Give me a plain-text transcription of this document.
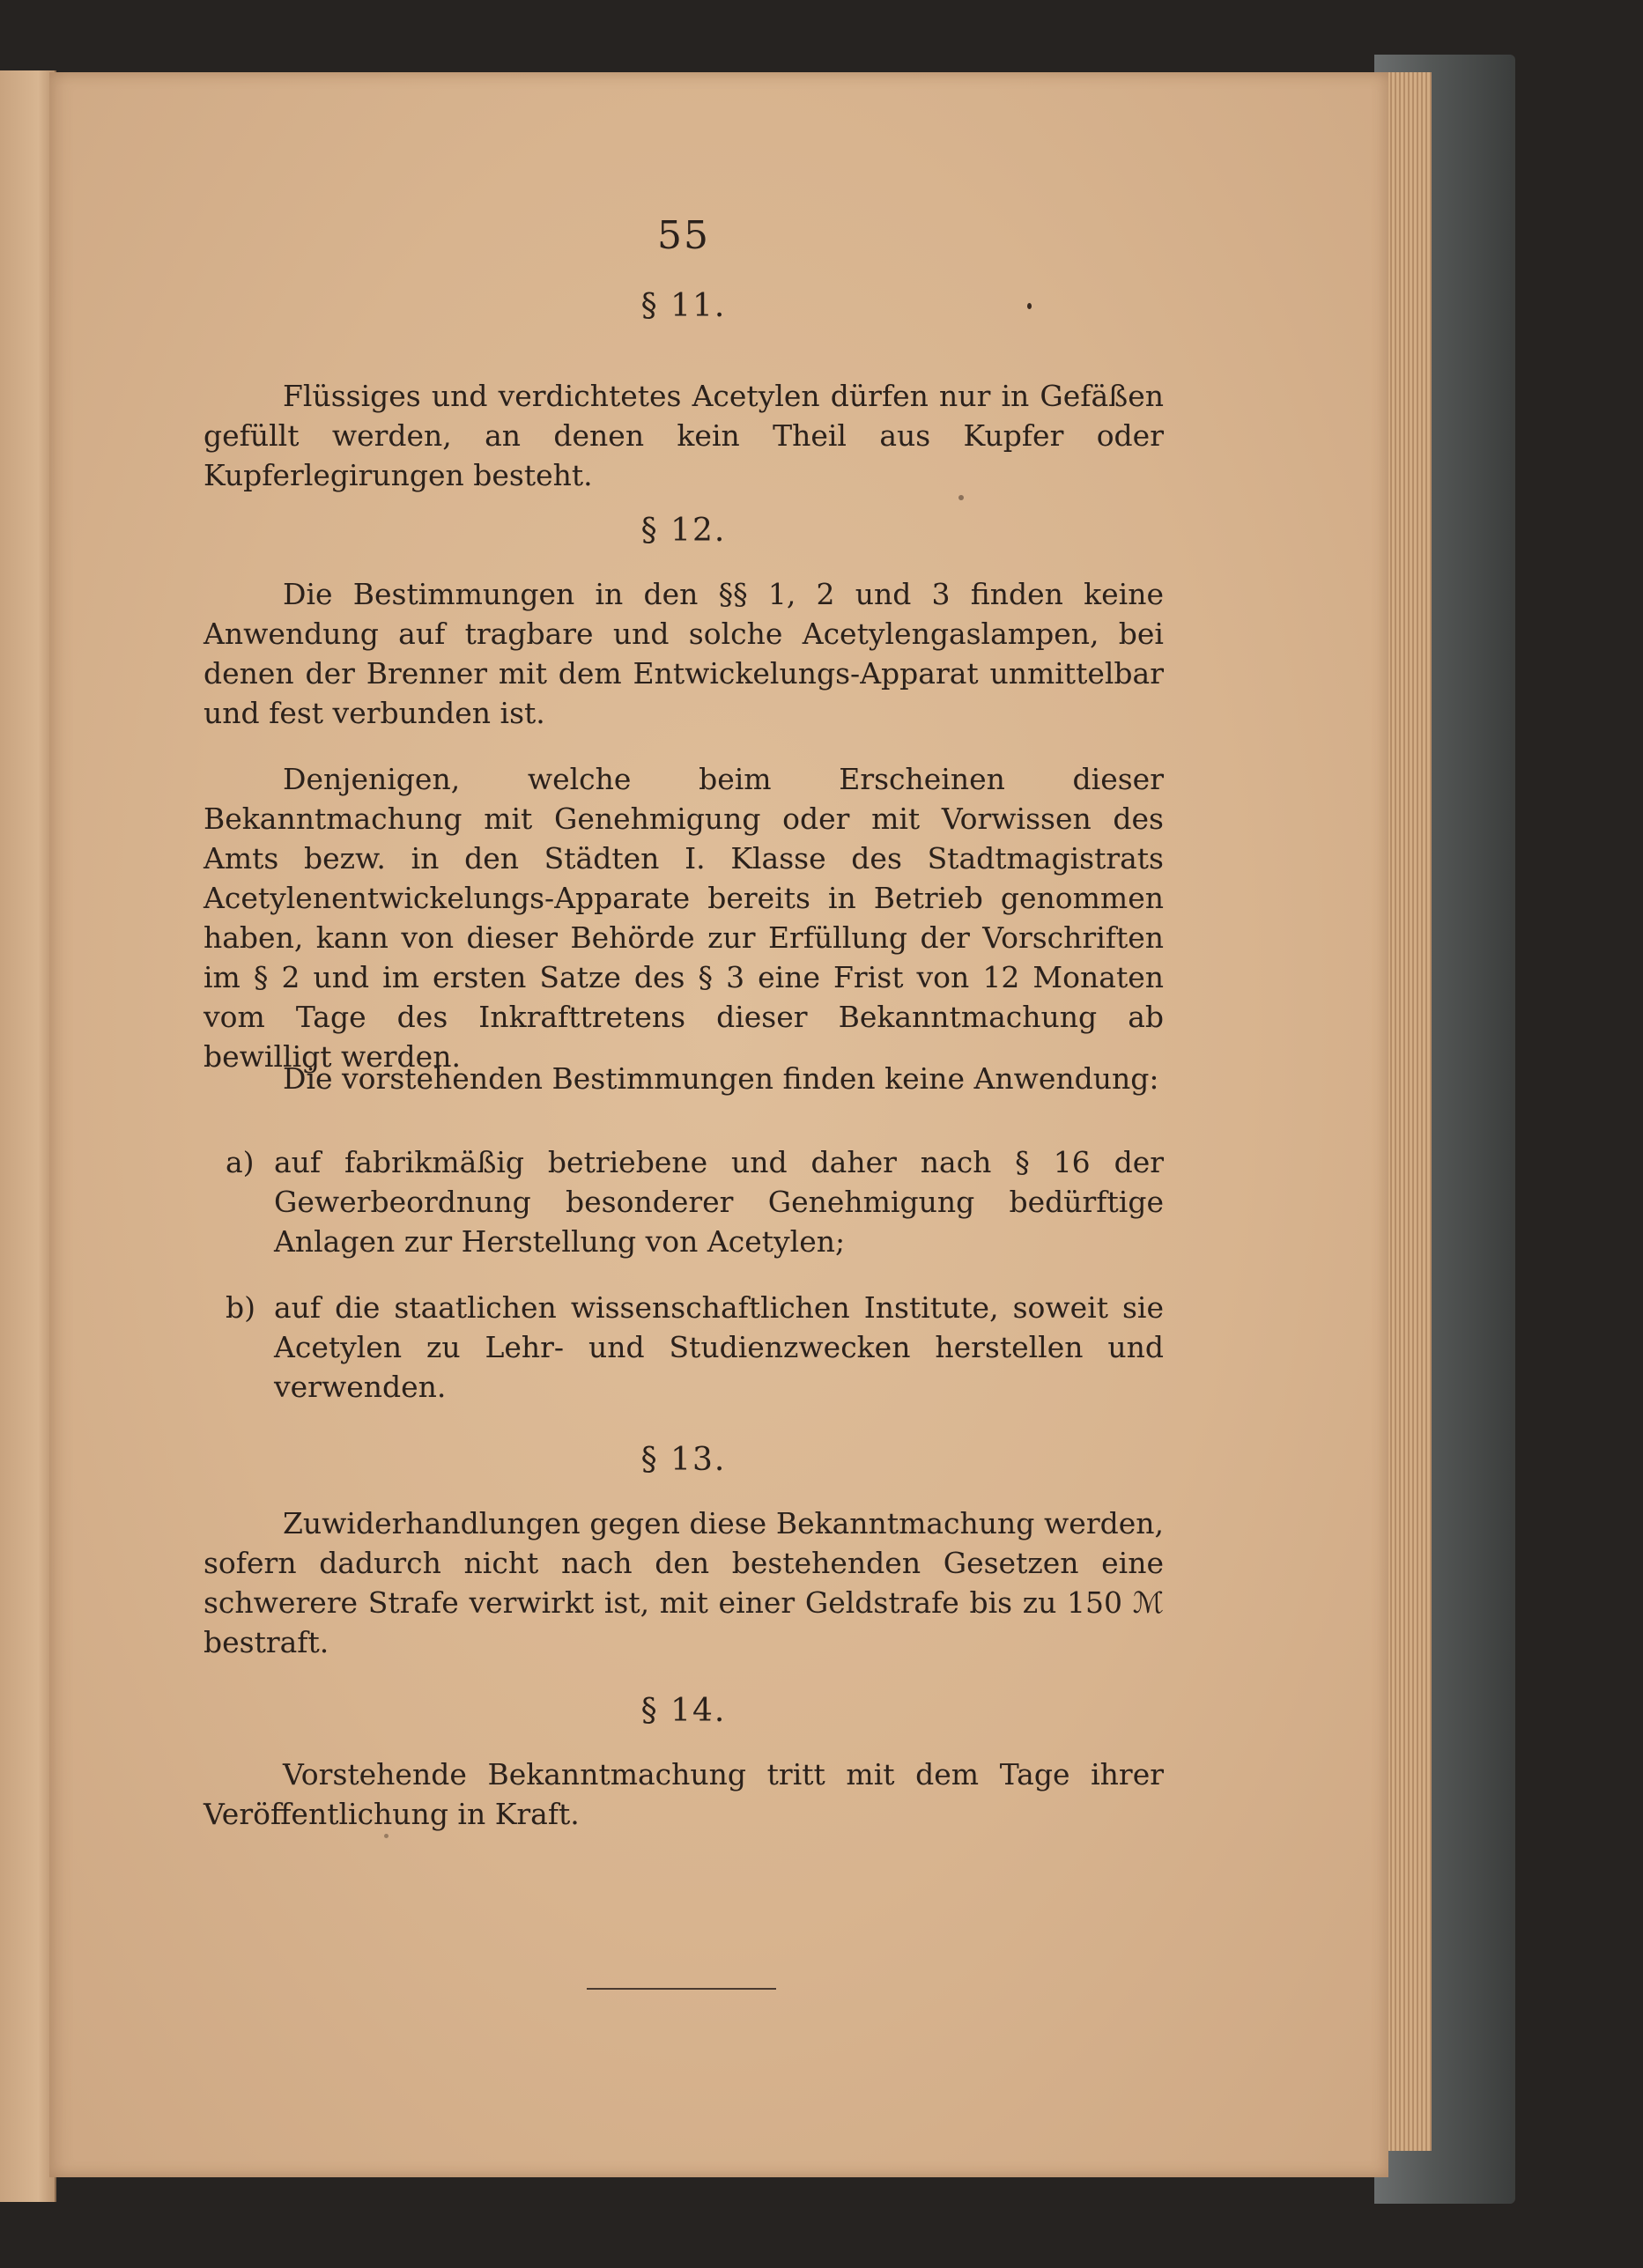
55
§ 11.
Flüssiges und verdichtetes Acetylen dürfen nur in Gefäßen gefüllt werden, an denen kein Theil aus Kupfer oder Kupferlegirungen besteht.
§ 12.
Die Bestimmungen in den §§ 1, 2 und 3 finden keine Anwendung auf tragbare und solche Acetylengaslampen, bei denen der Brenner mit dem Entwickelungs-Apparat unmittelbar und fest verbunden ist.
Denjenigen, welche beim Erscheinen dieser Bekanntmachung mit Genehmigung oder mit Vorwissen des Amts bezw. in den Städten I. Klasse des Stadtmagistrats Acetylenentwickelungs-Apparate bereits in Betrieb genommen haben, kann von dieser Behörde zur Erfüllung der Vorschriften im § 2 und im ersten Satze des § 3 eine Frist von 12 Monaten vom Tage des Inkrafttretens dieser Bekanntmachung ab bewilligt werden.
Die vorstehenden Bestimmungen finden keine Anwendung:
a) auf fabrikmäßig betriebene und daher nach § 16 der Gewerbeordnung besonderer Genehmigung bedürftige Anlagen zur Herstellung von Acetylen;
b) auf die staatlichen wissenschaftlichen Institute, soweit sie Acetylen zu Lehr- und Studienzwecken herstellen und verwenden.
§ 13.
Zuwiderhandlungen gegen diese Bekanntmachung werden, sofern dadurch nicht nach den bestehenden Gesetzen eine schwerere Strafe verwirkt ist, mit einer Geldstrafe bis zu 150 ℳ bestraft.
§ 14.
Vorstehende Bekanntmachung tritt mit dem Tage ihrer Veröffentlichung in Kraft.
